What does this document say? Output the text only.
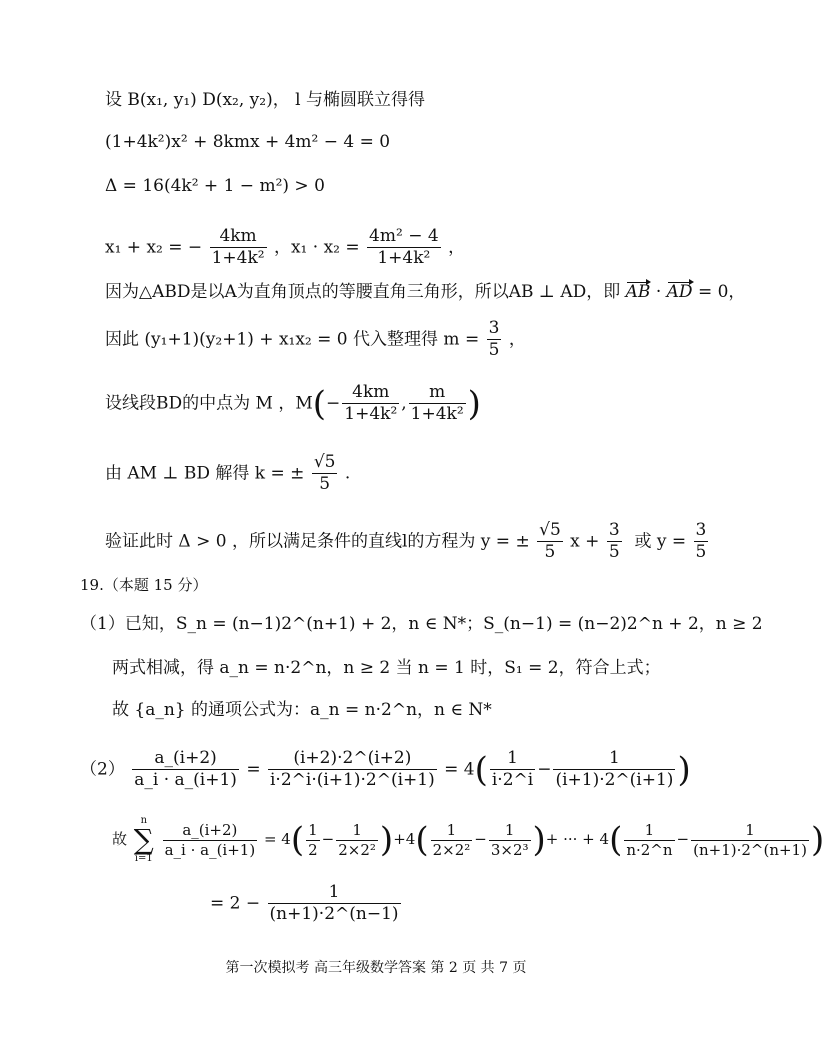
设 B(x₁, y₁) D(x₂, y₂)， l 与椭圆联立得得
(1+4k²)x² + 8kmx + 4m² − 4 = 0
Δ = 16(4k² + 1 − m²) > 0
x₁ + x₂ = − $\frac{4km}{\text{1+4k²}}$ ，$x_1 \cdot x_2 = \frac{\text{4m² − 4}}{\text{1+4k²}}$ ，
因为△ABD是以A为直角顶点的等腰直角三角形，所以AB ⊥ AD，即 AB · AD = 0，
因此 (y₁+1)(y₂+1) + x₁x₂ = 0 代入整理得 $m = \frac{3}{5}$ ，
设线段BD的中点为 M ，$M(- \frac{4km}{\text{1+4k²}}$ , $\frac{m}{\text{1+4k²}}$ )
由 AM ⊥ BD 解得 k = ± $\frac{√5}{5}$ .
验证此时 Δ > 0 ，所以满足条件的直线l的方程为 y = ± $\frac{√5}{5}$ $x + \frac{3}{5}$ 或 $y = \frac{3}{5}$
19.（本题 15 分）
（1）已知，S_n = (n−1)2^(n+1) + 2，n ∈ N*；S_(n−1) = (n−2)2^n + 2，n ≥ 2
两式相减，得 a_n = n·2^n，n ≥ 2 当 n = 1 时，S₁ = 2，符合上式；
故 {a_n} 的通项公式为：a_n = n·2^n，n ∈ N*
$(2) \frac{a\_(i+2)}{a\_i \cdot a\_(i+1)} = \frac{(i+2)\cdot 2\^{}(i+2)}{i\cdot 2\^{}i\cdot(i+1)\cdot 2\^{}(i+1)} = 4( \frac{1}{i\cdot 2\^{}i} - \frac{1}{(i+1)\cdot 2\^{}(i+1)}$ )
故 n
∑
$i=1 \frac{a\_(i+2)}{a\_i \cdot a\_(i+1)} = 4( \frac{1}{2} - \frac{1}{\text{2×2²}} )+4( \frac{1}{\text{2×2²}} - \frac{1}{\text{3×2³}}$ )+ ··· + $4( \frac{1}{n\cdot 2\^{}n} - \frac{1}{(n+1)\cdot 2\^{}(n+1)}$ )
= $2 - \frac{1}{(n+1)\cdot 2\^{}(n-1)}$
第一次模拟考 高三年级数学答案 第 2 页 共 7 页
